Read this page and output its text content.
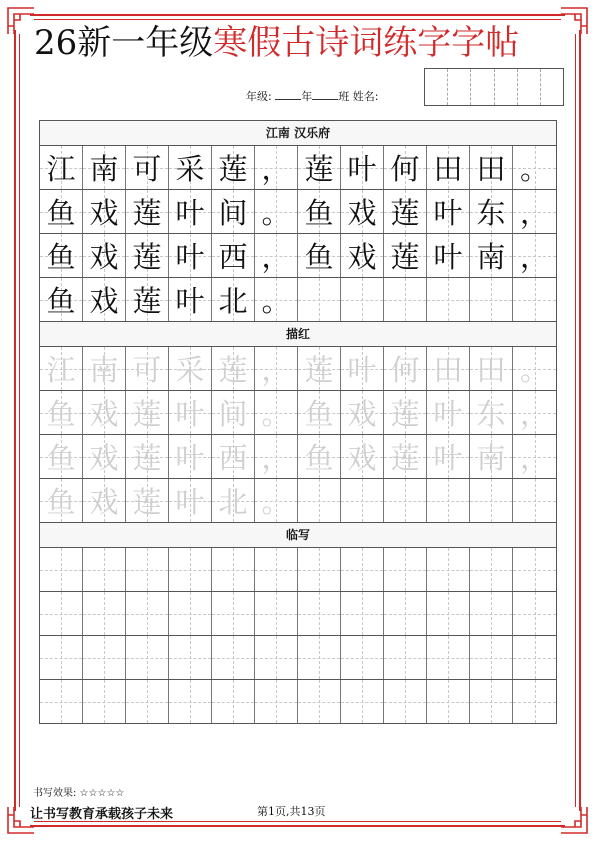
26新一年级寒假古诗词练字字帖
年级:	年 班 姓名:
江南 汉乐府
江 南 可 采 莲 ， 莲 叶 何 田 田 。
鱼 戏 莲 叶 间 。 鱼 戏 莲 叶 东 ，
鱼 戏 莲 叶 西 ， 鱼 戏 莲 叶 南 ，
鱼 戏 莲 叶 北 。
描红
江 南 可 采 莲 ， 莲 叶 何 田 田 。
鱼 戏 莲 叶 间 。 鱼 戏 莲 叶 东 ，
鱼 戏 莲 叶 西 ， 鱼 戏 莲 叶 南 ，
鱼 戏 莲 叶 北 。
临写
书写效果: ☆☆☆☆☆
让书写教育承载孩子未来	第1页,共13页
